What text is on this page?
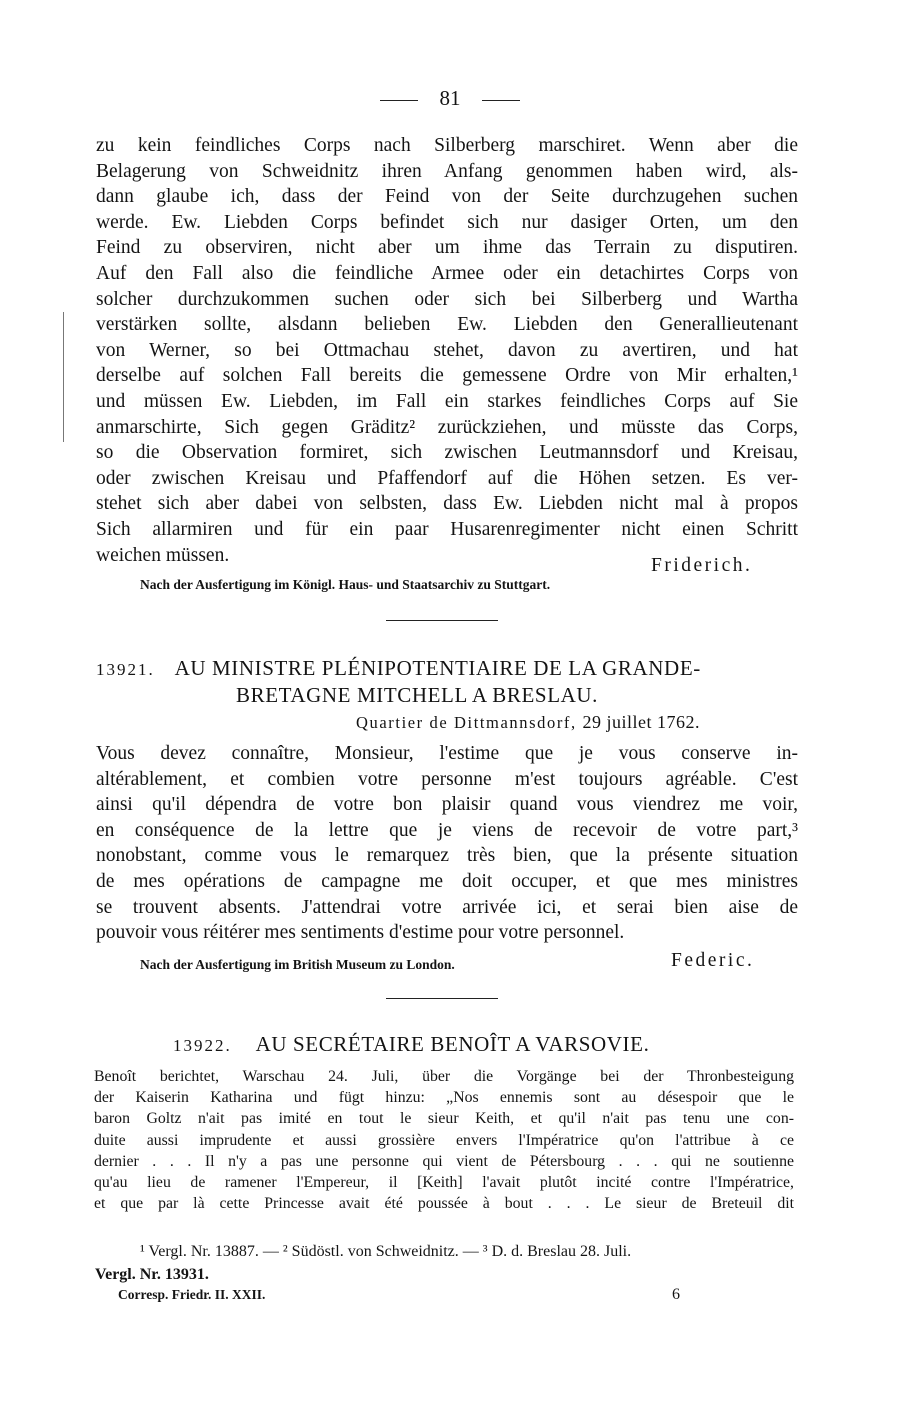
81
zu kein feindliches Corps nach Silberberg marschiret. Wenn aber die
Belagerung von Schweidnitz ihren Anfang genommen haben wird, als-
dann glaube ich, dass der Feind von der Seite durchzugehen suchen
werde. Ew. Liebden Corps befindet sich nur dasiger Orten, um den
Feind zu observiren, nicht aber um ihme das Terrain zu disputiren.
Auf den Fall also die feindliche Armee oder ein detachirtes Corps von
solcher durchzukommen suchen oder sich bei Silberberg und Wartha
verstärken sollte, alsdann belieben Ew. Liebden den Generallieutenant
von Werner, so bei Ottmachau stehet, davon zu avertiren, und hat
derselbe auf solchen Fall bereits die gemessene Ordre von Mir erhalten,¹
und müssen Ew. Liebden, im Fall ein starkes feindliches Corps auf Sie
anmarschirte, Sich gegen Gräditz² zurückziehen, und müsste das Corps,
so die Observation formiret, sich zwischen Leutmannsdorf und Kreisau,
oder zwischen Kreisau und Pfaffendorf auf die Höhen setzen. Es ver-
stehet sich aber dabei von selbsten, dass Ew. Liebden nicht mal à propos
Sich allarmiren und für ein paar Husarenregimenter nicht einen Schritt
weichen müssen.	Friderich.
Nach der Ausfertigung im Königl. Haus- und Staatsarchiv zu Stuttgart.
13921. AU MINISTRE PLÉNIPOTENTIAIRE DE LA GRANDE-
BRETAGNE MITCHELL A BRESLAU.
Quartier de Dittmannsdorf, 29 juillet 1762.
Vous devez connaître, Monsieur, l'estime que je vous conserve in-
altérablement, et combien votre personne m'est toujours agréable. C'est
ainsi qu'il dépendra de votre bon plaisir quand vous viendrez me voir,
en conséquence de la lettre que je viens de recevoir de votre part,³
nonobstant, comme vous le remarquez très bien, que la présente situation
de mes opérations de campagne me doit occuper, et que mes ministres
se trouvent absents. J'attendrai votre arrivée ici, et serai bien aise de
pouvoir vous réitérer mes sentiments d'estime pour votre personnel.
Nach der Ausfertigung im British Museum zu London.	Federic.
13922. AU SECRÉTAIRE BENOÎT A VARSOVIE.
Benoît berichtet, Warschau 24. Juli, über die Vorgänge bei der Thronbesteigung
der Kaiserin Katharina und fügt hinzu: „Nos ennemis sont au désespoir que le
baron Goltz n'ait pas imité en tout le sieur Keith, et qu'il n'ait pas tenu une con-
duite aussi imprudente et aussi grossière envers l'Impératrice qu'on l'attribue à ce
dernier . . . Il n'y a pas une personne qui vient de Pétersbourg . . . qui ne soutienne
qu'au lieu de ramener l'Empereur, il [Keith] l'avait plutôt incité contre l'Impératrice,
et que par là cette Princesse avait été poussée à bout . . . Le sieur de Breteuil dit
¹ Vergl. Nr. 13887. — ² Südöstl. von Schweidnitz. — ³ D. d. Breslau 28. Juli.
Vergl. Nr. 13931.
Corresp. Friedr. II. XXII.	6
